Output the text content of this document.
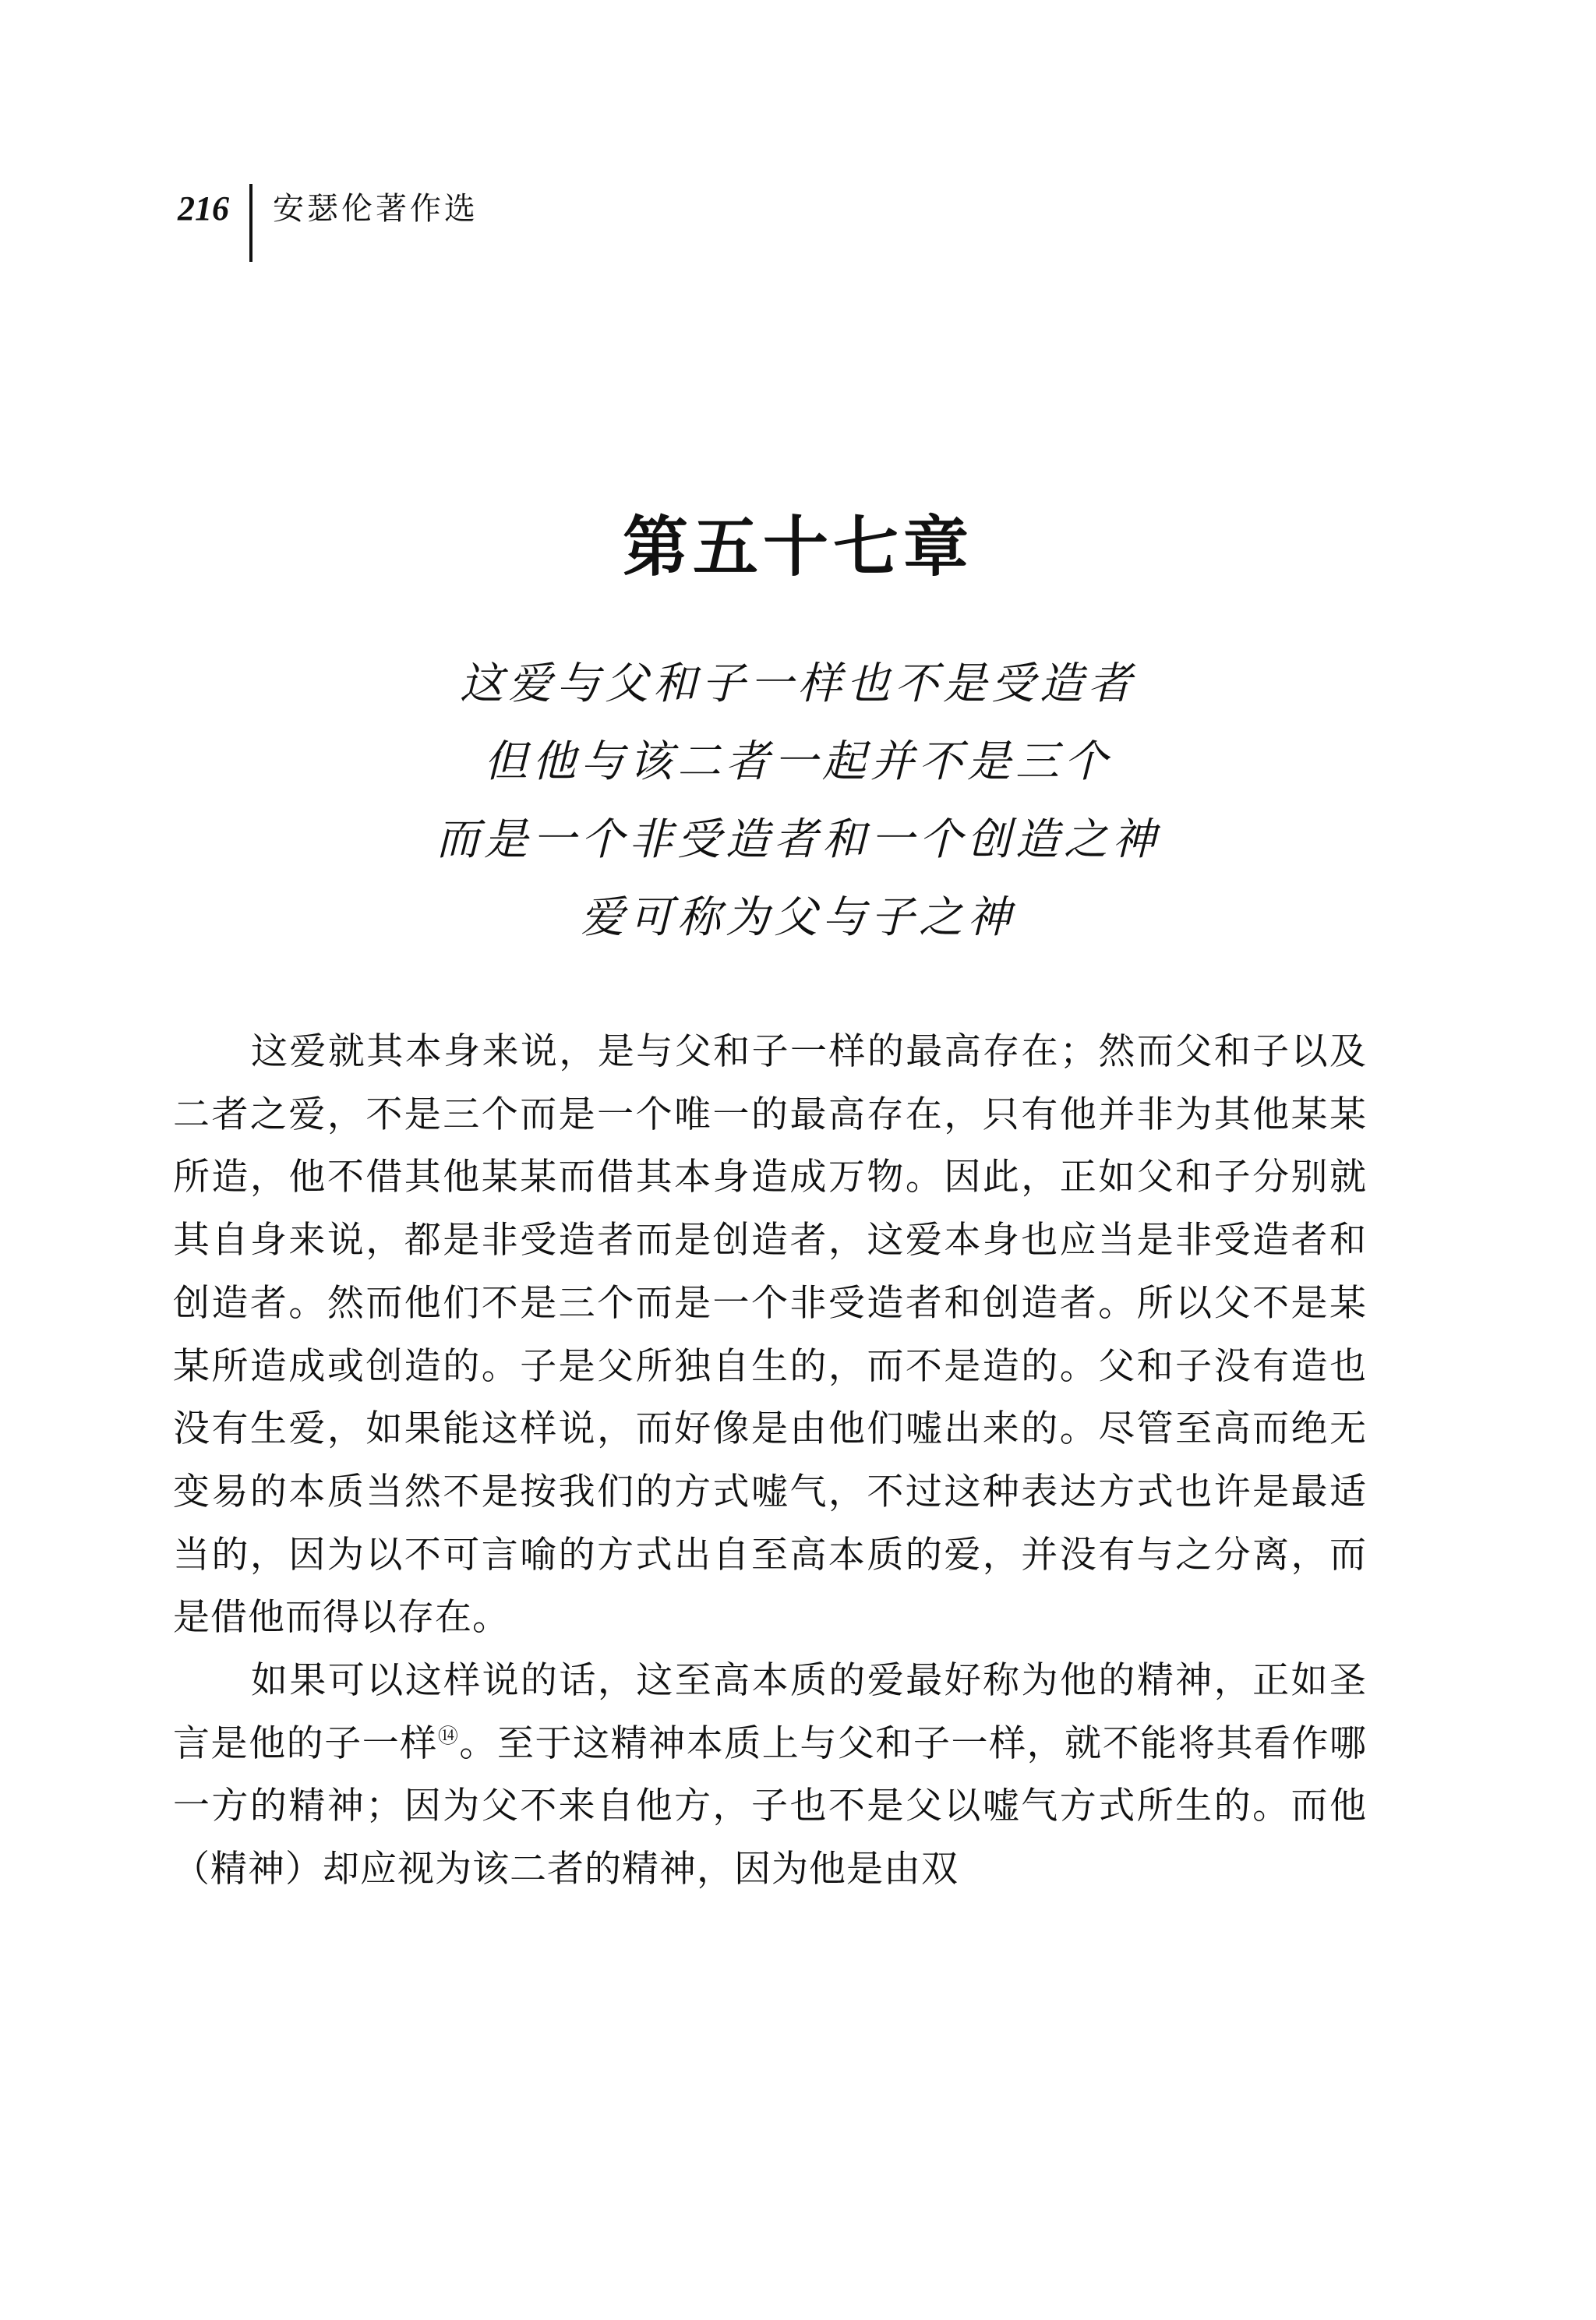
216	安瑟伦著作选
第五十七章
这爱与父和子一样也不是受造者
但他与该二者一起并不是三个
而是一个非受造者和一个创造之神
爱可称为父与子之神

这爱就其本身来说，是与父和子一样的最高存在；然而父和子以及二者之爱，不是三个而是一个唯一的最高存在，只有他并非为其他某某所造，他不借其他某某而借其本身造成万物。因此，正如父和子分别就其自身来说，都是非受造者而是创造者，这爱本身也应当是非受造者和创造者。然而他们不是三个而是一个非受造者和创造者。所以父不是某某所造成或创造的。子是父所独自生的，而不是造的。父和子没有造也没有生爱，如果能这样说，而好像是由他们嘘出来的。尽管至高而绝无变易的本质当然不是按我们的方式嘘气，不过这种表达方式也许是最适当的，因为以不可言喻的方式出自至高本质的爱，并没有与之分离，而是借他而得以存在。

如果可以这样说的话，这至高本质的爱最好称为他的精神，正如圣言是他的子一样⑭。至于这精神本质上与父和子一样，就不能将其看作哪一方的精神；因为父不来自他方，子也不是父以嘘气方式所生的。而他（精神）却应视为该二者的精神，因为他是由双
